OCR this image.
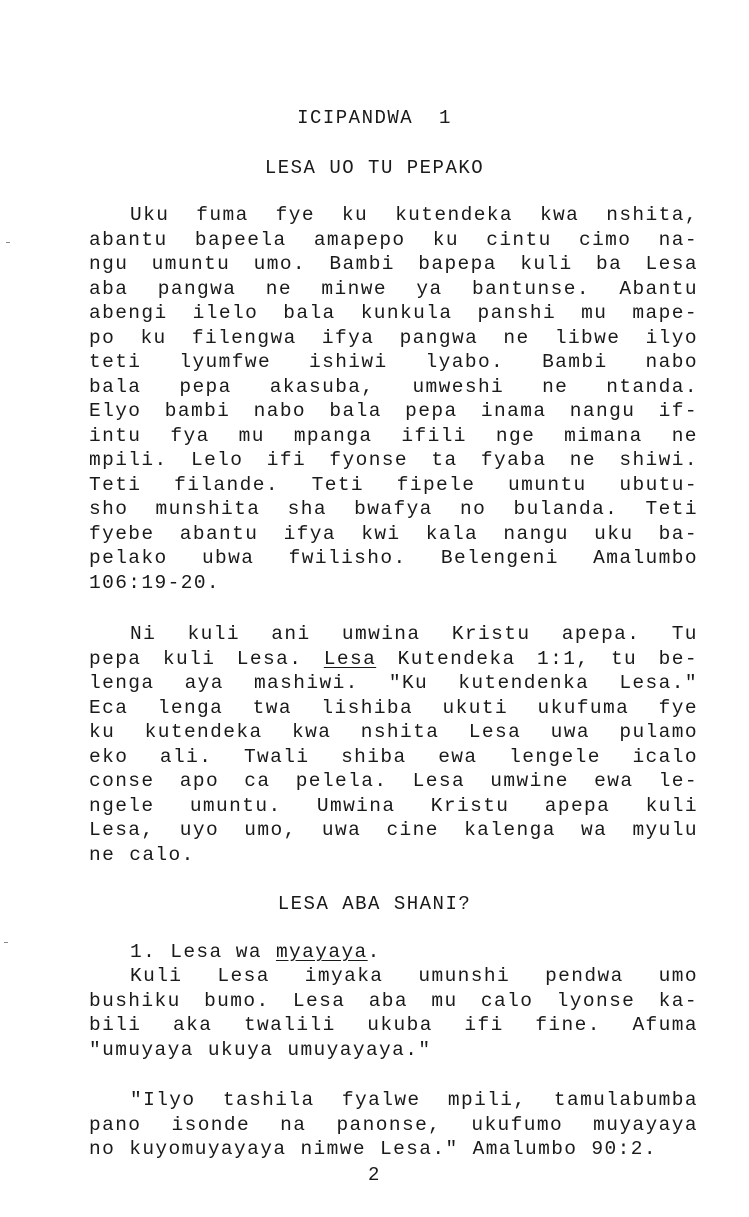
ICIPANDWA  1
LESA UO TU PEPAKO
Uku fuma fye ku kutendeka kwa nshita,
abantu bapeela amapepo ku cintu cimo na-
ngu umuntu umo. Bambi bapepa kuli ba Lesa
aba pangwa ne minwe ya bantunse. Abantu
abengi ilelo bala kunkula panshi mu mape-
po ku filengwa ifya pangwa ne libwe ilyo
teti lyumfwe ishiwi lyabo. Bambi nabo
bala pepa akasuba, umweshi ne ntanda.
Elyo bambi nabo bala pepa inama nangu if-
intu fya mu mpanga ifili nge mimana ne
mpili. Lelo ifi fyonse ta fyaba ne shiwi.
Teti filande. Teti fipele umuntu ubutu-
sho munshita sha bwafya no bulanda. Teti
fyebe abantu ifya kwi kala nangu uku ba-
pelako ubwa fwilisho. Belengeni Amalumbo
106:19-20.
Ni kuli ani umwina Kristu apepa. Tu
pepa kuli Lesa. Lesa Kutendeka 1:1, tu be-
lenga aya mashiwi. "Ku kutendenka Lesa."
Eca lenga twa lishiba ukuti ukufuma fye
ku kutendeka kwa nshita Lesa uwa pulamo
eko ali. Twali shiba ewa lengele icalo
conse apo ca pelela. Lesa umwine ewa le-
ngele umuntu. Umwina Kristu apepa kuli
Lesa, uyo umo, uwa cine kalenga wa myulu
ne calo.
LESA ABA SHANI?
1. Lesa wa myayaya.
Kuli Lesa imyaka umunshi pendwa umo
bushiku bumo. Lesa aba mu calo lyonse ka-
bili aka twalili ukuba ifi fine. Afuma
"umuyaya ukuya umuyayaya."
"Ilyo tashila fyalwe mpili, tamulabumba
pano isonde na panonse, ukufumo muyayaya
no kuyomuyayaya nimwe Lesa." Amalumbo 90:2.
2
